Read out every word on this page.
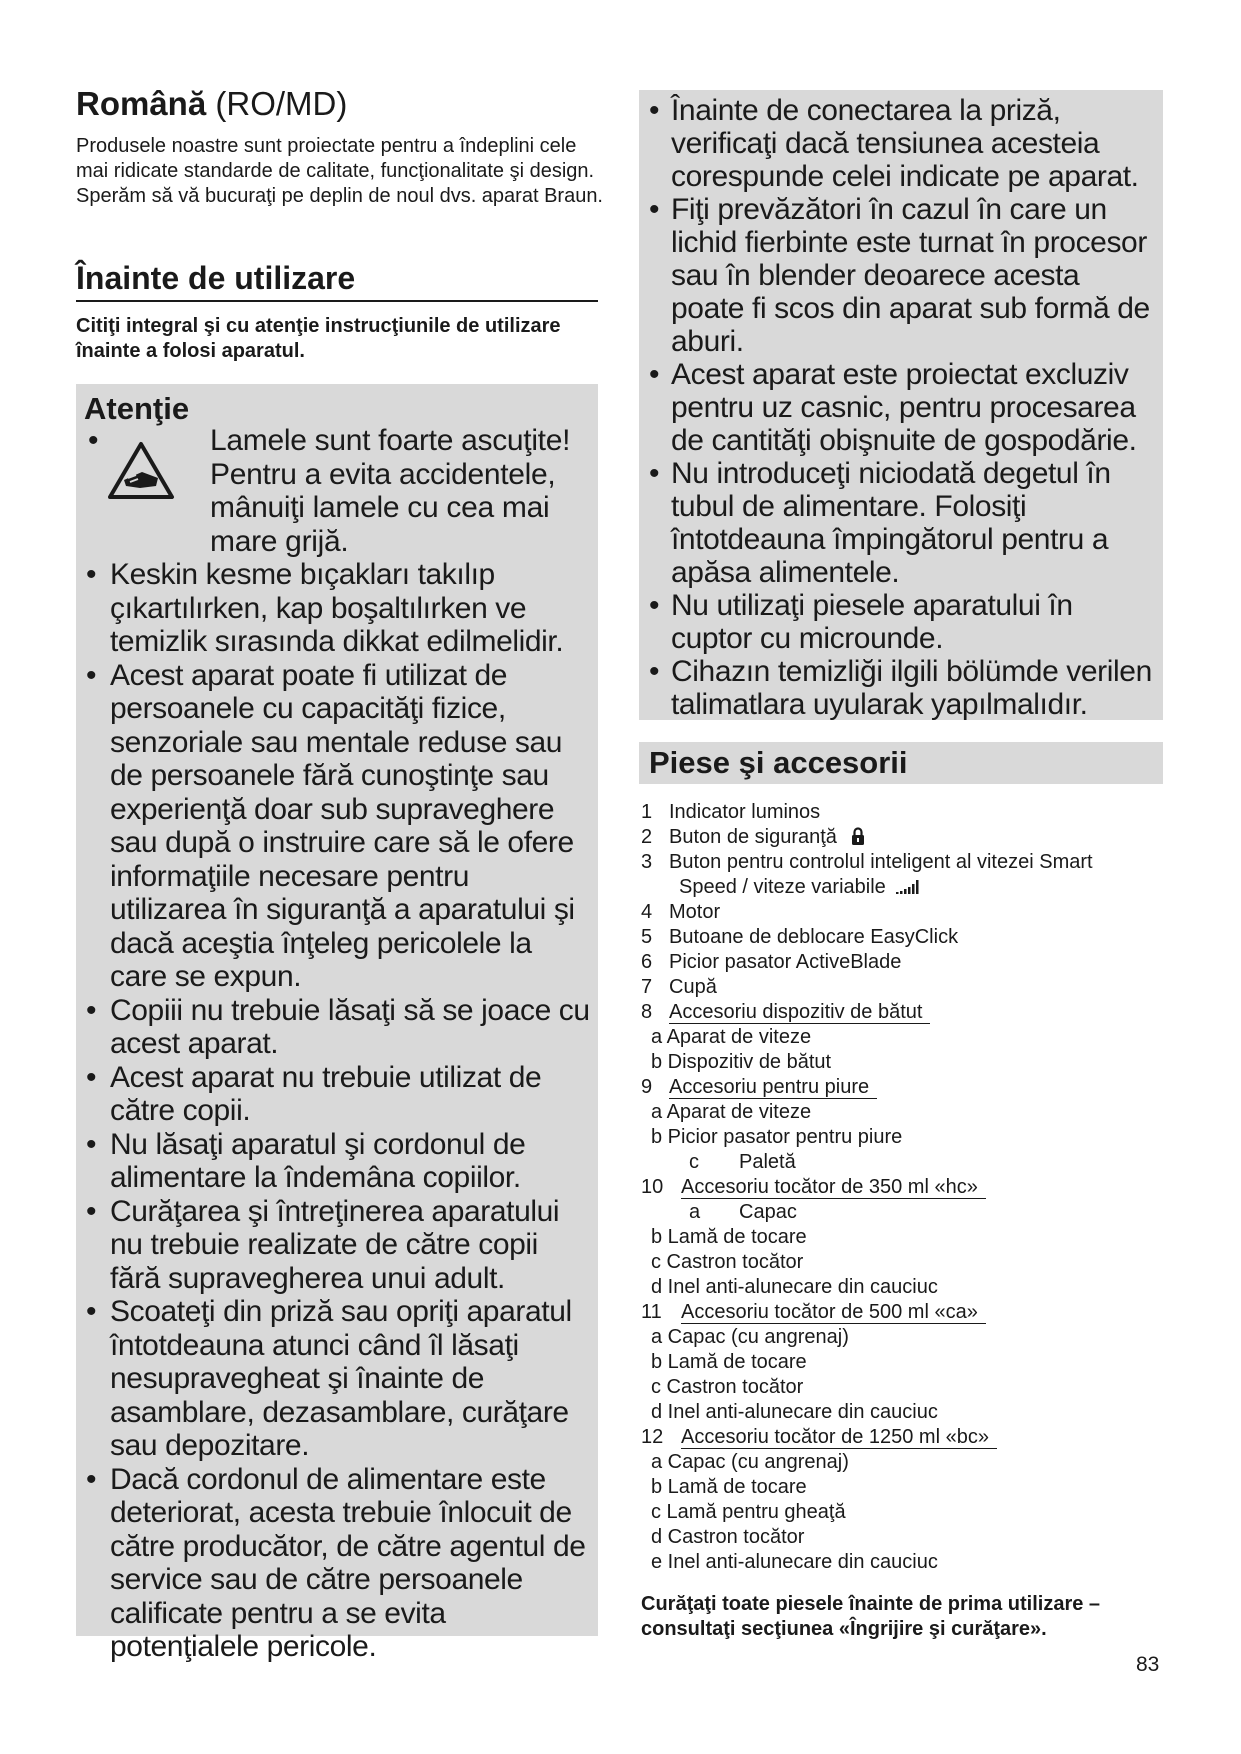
Română (RO/MD)
Produsele noastre sunt proiectate pentru a îndeplini cele mai ridicate standarde de calitate, funcţionalitate şi design. Sperăm să vă bucuraţi pe deplin de noul dvs. aparat Braun.
Înainte de utilizare
Citiţi integral şi cu atenţie instrucţiunile de utilizare înainte a folosi aparatul.
Atenţie
•	Lamele sunt foarte ascuţite! Pentru a evita accidentele, mânuiţi lamele cu cea mai mare grijă.
• Keskin kesme bıçakları takılıp çıkartılırken, kap boşaltılırken ve temizlik sırasında dikkat edilmelidir.
• Acest aparat poate fi utilizat de persoanele cu capacităţi fizice, senzoriale sau mentale reduse sau de persoanele fără cunoştinţe sau experienţă doar sub supraveghere sau după o instruire care să le ofere informaţiile necesare pentru utilizarea în siguranţă a aparatului şi dacă aceştia înţeleg pericolele la care se expun.
• Copiii nu trebuie lăsaţi să se joace cu acest aparat.
• Acest aparat nu trebuie utilizat de către copii.
• Nu lăsaţi aparatul şi cordonul de alimentare la îndemâna copiilor.
• Curăţarea şi întreţinerea aparatului nu trebuie realizate de către copii fără supravegherea unui adult.
• Scoateţi din priză sau opriţi aparatul întotdeauna atunci când îl lăsaţi nesupravegheat şi înainte de asamblare, dezasamblare, curăţare sau depozitare.
• Dacă cordonul de alimentare este deteriorat, acesta trebuie înlocuit de către producător, de către agentul de service sau de către persoanele calificate pentru a se evita potenţialele pericole.
• Înainte de conectarea la priză, verificaţi dacă tensiunea acesteia corespunde celei indicate pe aparat.
• Fiţi prevăzători în cazul în care un lichid fierbinte este turnat în procesor sau în blender deoarece acesta poate fi scos din aparat sub formă de aburi.
• Acest aparat este proiectat excluziv pentru uz casnic, pentru procesarea de cantităţi obişnuite de gospodărie.
• Nu introduceţi niciodată degetul în tubul de alimentare. Folosiţi întotdeauna împingătorul pentru a apăsa alimentele.
• Nu utilizaţi piesele aparatului în cuptor cu microunde.
• Cihazın temizliği ilgili bölümde verilen talimatlara uyularak yapılmalıdır.
Piese şi accesorii
1 Indicator luminos
2 Buton de siguranţă
3 Buton pentru controlul inteligent al vitezei Smart
Speed / viteze variabile
4 Motor
5 Butoane de deblocare EasyClick
6 Picior pasator ActiveBlade
7 Cupă
8 Accesoriu dispozitiv de bătut
a Aparat de viteze
b Dispozitiv de bătut
9 Accesoriu pentru piure
a Aparat de viteze
b Picior pasator pentru piure
c Paletă
10 Accesoriu tocător de 350 ml «hc»
a Capac
b Lamă de tocare
c Castron tocător
d Inel anti-alunecare din cauciuc
11 Accesoriu tocător de 500 ml «ca»
a Capac (cu angrenaj)
b Lamă de tocare
c Castron tocător
d Inel anti-alunecare din cauciuc
12 Accesoriu tocător de 1250 ml «bc»
a Capac (cu angrenaj)
b Lamă de tocare
c Lamă pentru gheaţă
d Castron tocător
e Inel anti-alunecare din cauciuc
Curăţaţi toate piesele înainte de prima utilizare – consultaţi secţiunea «Îngrijire şi curăţare».
83
